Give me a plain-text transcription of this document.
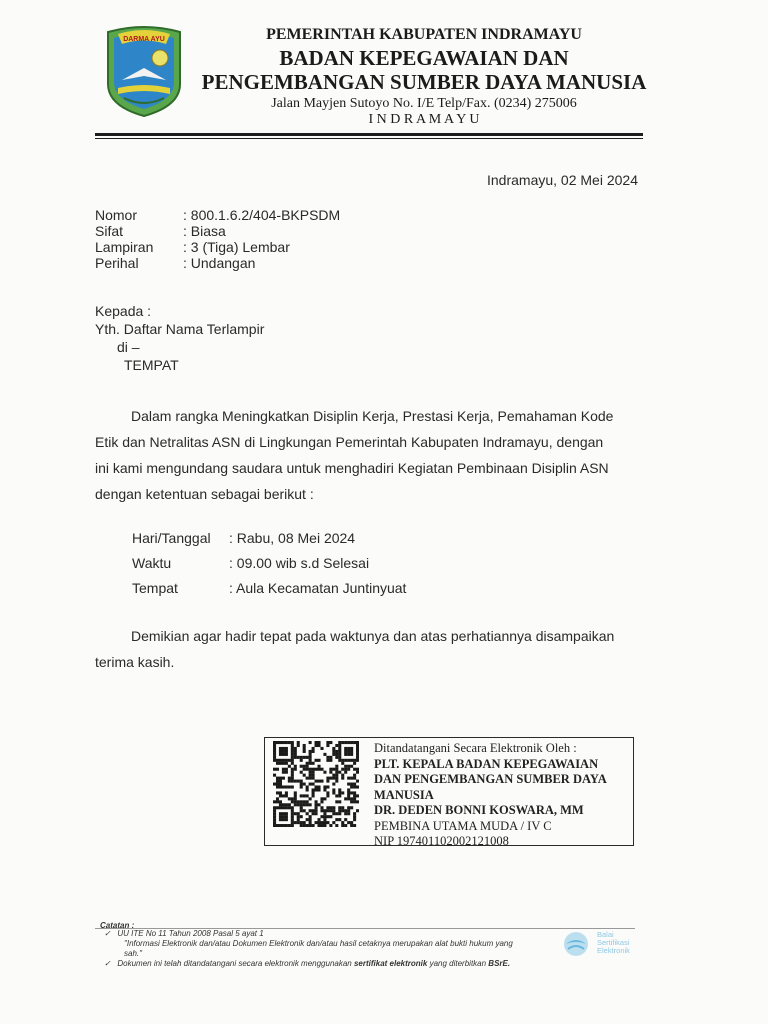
DARMA AYU	PEMERINTAH KABUPATEN INDRAMAYU
BADAN KEPEGAWAIAN DAN
PENGEMBANGAN SUMBER DAYA MANUSIA
Jalan Mayjen Sutoyo No. I/E Telp/Fax. (0234) 275006
I N D R A M A Y U
Indramayu, 02 Mei 2024
Nomor	: 800.1.6.2/404-BKPSDM
Sifat	: Biasa
Lampiran : 3 (Tiga) Lembar
Perihal	: Undangan
Kepada :
Yth. Daftar Nama Terlampir
di –
TEMPAT
Dalam rangka Meningkatkan Disiplin Kerja, Prestasi Kerja, Pemahaman Kode
Etik dan Netralitas ASN di Lingkungan Pemerintah Kabupaten Indramayu, dengan
ini kami mengundang saudara untuk menghadiri Kegiatan Pembinaan Disiplin ASN
dengan ketentuan sebagai berikut :
Hari/Tanggal : Rabu, 08 Mei 2024
Waktu	: 09.00 wib s.d Selesai
Tempat	: Aula Kecamatan Juntinyuat
Demikian agar hadir tepat pada waktunya dan atas perhatiannya disampaikan
terima kasih.
Ditandatangani Secara Elektronik Oleh :
PLT. KEPALA BADAN KEPEGAWAIAN
DAN PENGEMBANGAN SUMBER DAYA
MANUSIA
DR. DEDEN BONNI KOSWARA, MM
PEMBINA UTAMA MUDA / IV C
NIP 197401102002121008
Catatan :
✓ UU ITE No 11 Tahun 2008 Pasal 5 ayat 1
"Informasi Elektronik dan/atau Dokumen Elektronik dan/atau hasil cetaknya merupakan alat bukti hukum yang
sah."
✓ Dokumen ini telah ditandatangani secara elektronik menggunakan sertifikat elektronik yang diterbitkan BSrE.
Balai
Sertifikasi
Elektronik
